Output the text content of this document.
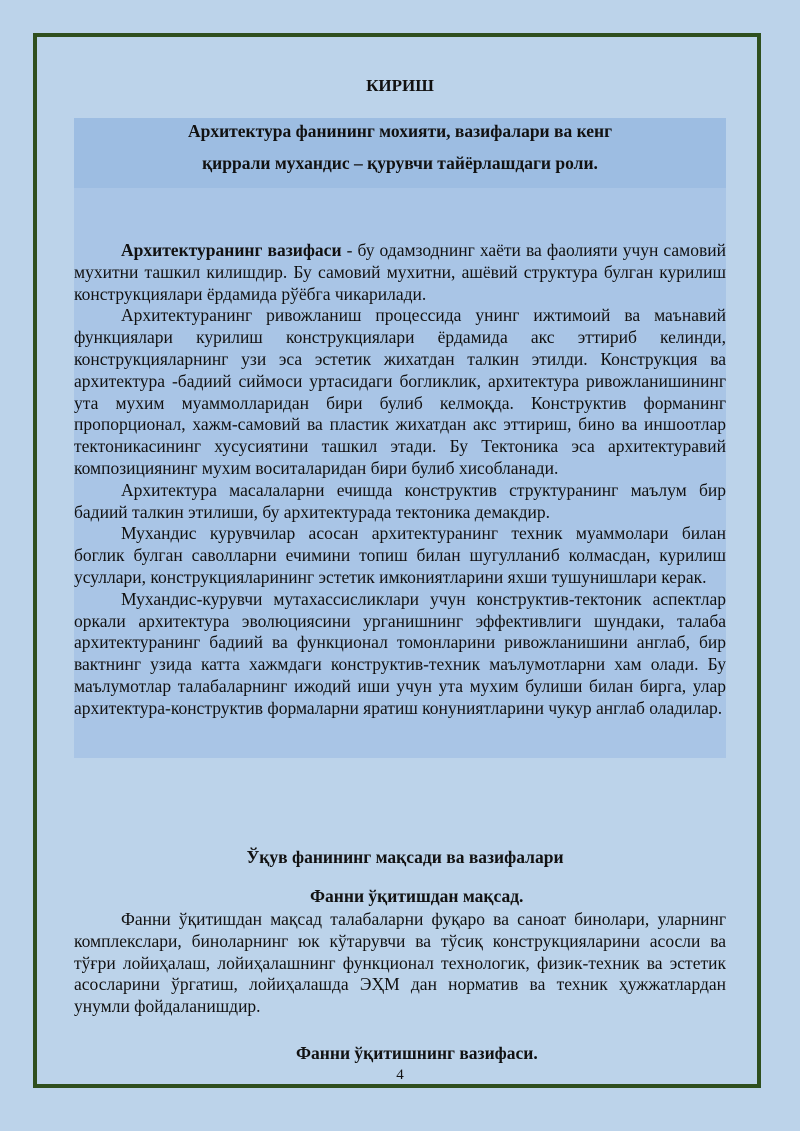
КИРИШ
Архитектура фанининг мохияти, вазифалари ва кенг
қиррали мухандис – қурувчи тайёрлашдаги роли.

Архитектуранинг вазифаси - бу одамзоднинг хаёти ва фаолияти учун самовий мухитни ташкил килишдир. Бу самовий мухитни, ашёвий структура булган курилиш конструкциялари ёрдамида рўёбга чикарилади.

Архитектуранинг ривожланиш процессида унинг ижтимоий ва маънавий функциялари курилиш конструкциялари ёрдамида акс эттириб келинди, конструкцияларнинг узи эса эстетик жихатдан талкин этилди. Конструкция ва архитектура -бадиий сиймоси уртасидаги богликлик, архитектура ривожланишининг ута мухим муаммолларидан бири булиб келмоқда. Конструктив форманинг пропорционал, хажм-самовий ва пластик жихатдан акс эттириш, бино ва иншоотлар тектоникасининг хусусиятини ташкил этади. Бу Тектоника эса архитектуравий композициянинг мухим воситаларидан бири булиб хисобланади.

Архитектура масалаларни ечишда конструктив структуранинг маълум бир бадиий талкин этилиши, бу архитектурада тектоника демакдир.

Мухандис курувчилар асосан архитектуранинг техник муаммолари билан боглик булган саволларни ечимини топиш билан шугулланиб колмасдан, курилиш усуллари, конструкцияларининг эстетик имкониятларини яхши тушунишлари керак.

Мухандис-курувчи мутахассисликлари учун конструктив-тектоник аспектлар оркали архитектура эволюциясини урганишнинг эффективлиги шундаки, талаба архитектуранинг бадиий ва функционал томонларини ривожланишини англаб, бир вактнинг узида катта хажмдаги конструктив-техник маълумотларни хам олади. Бу маълумотлар талабаларнинг ижодий иши учун ута мухим булиши билан бирга, улар архитектура-конструктив формаларни яратиш конуниятларини чукур англаб оладилар.

Ўқув фанининг мақсади ва вазифалари
Фанни ўқитишдан мақсад.

Фанни ўқитишдан мақсад талабаларни фуқаро ва саноат бинолари, уларнинг комплекслари, биноларнинг юк кўтарувчи ва тўсиқ конструкцияларини асосли ва тўғри лойиҳалаш, лойиҳалашнинг функционал технологик, физик-техник ва эстетик асосларини ўргатиш, лойиҳалашда ЭҲМ дан норматив ва техник ҳужжатлардан унумли фойдаланишдир.

Фанни ўқитишнинг вазифаси.
4
